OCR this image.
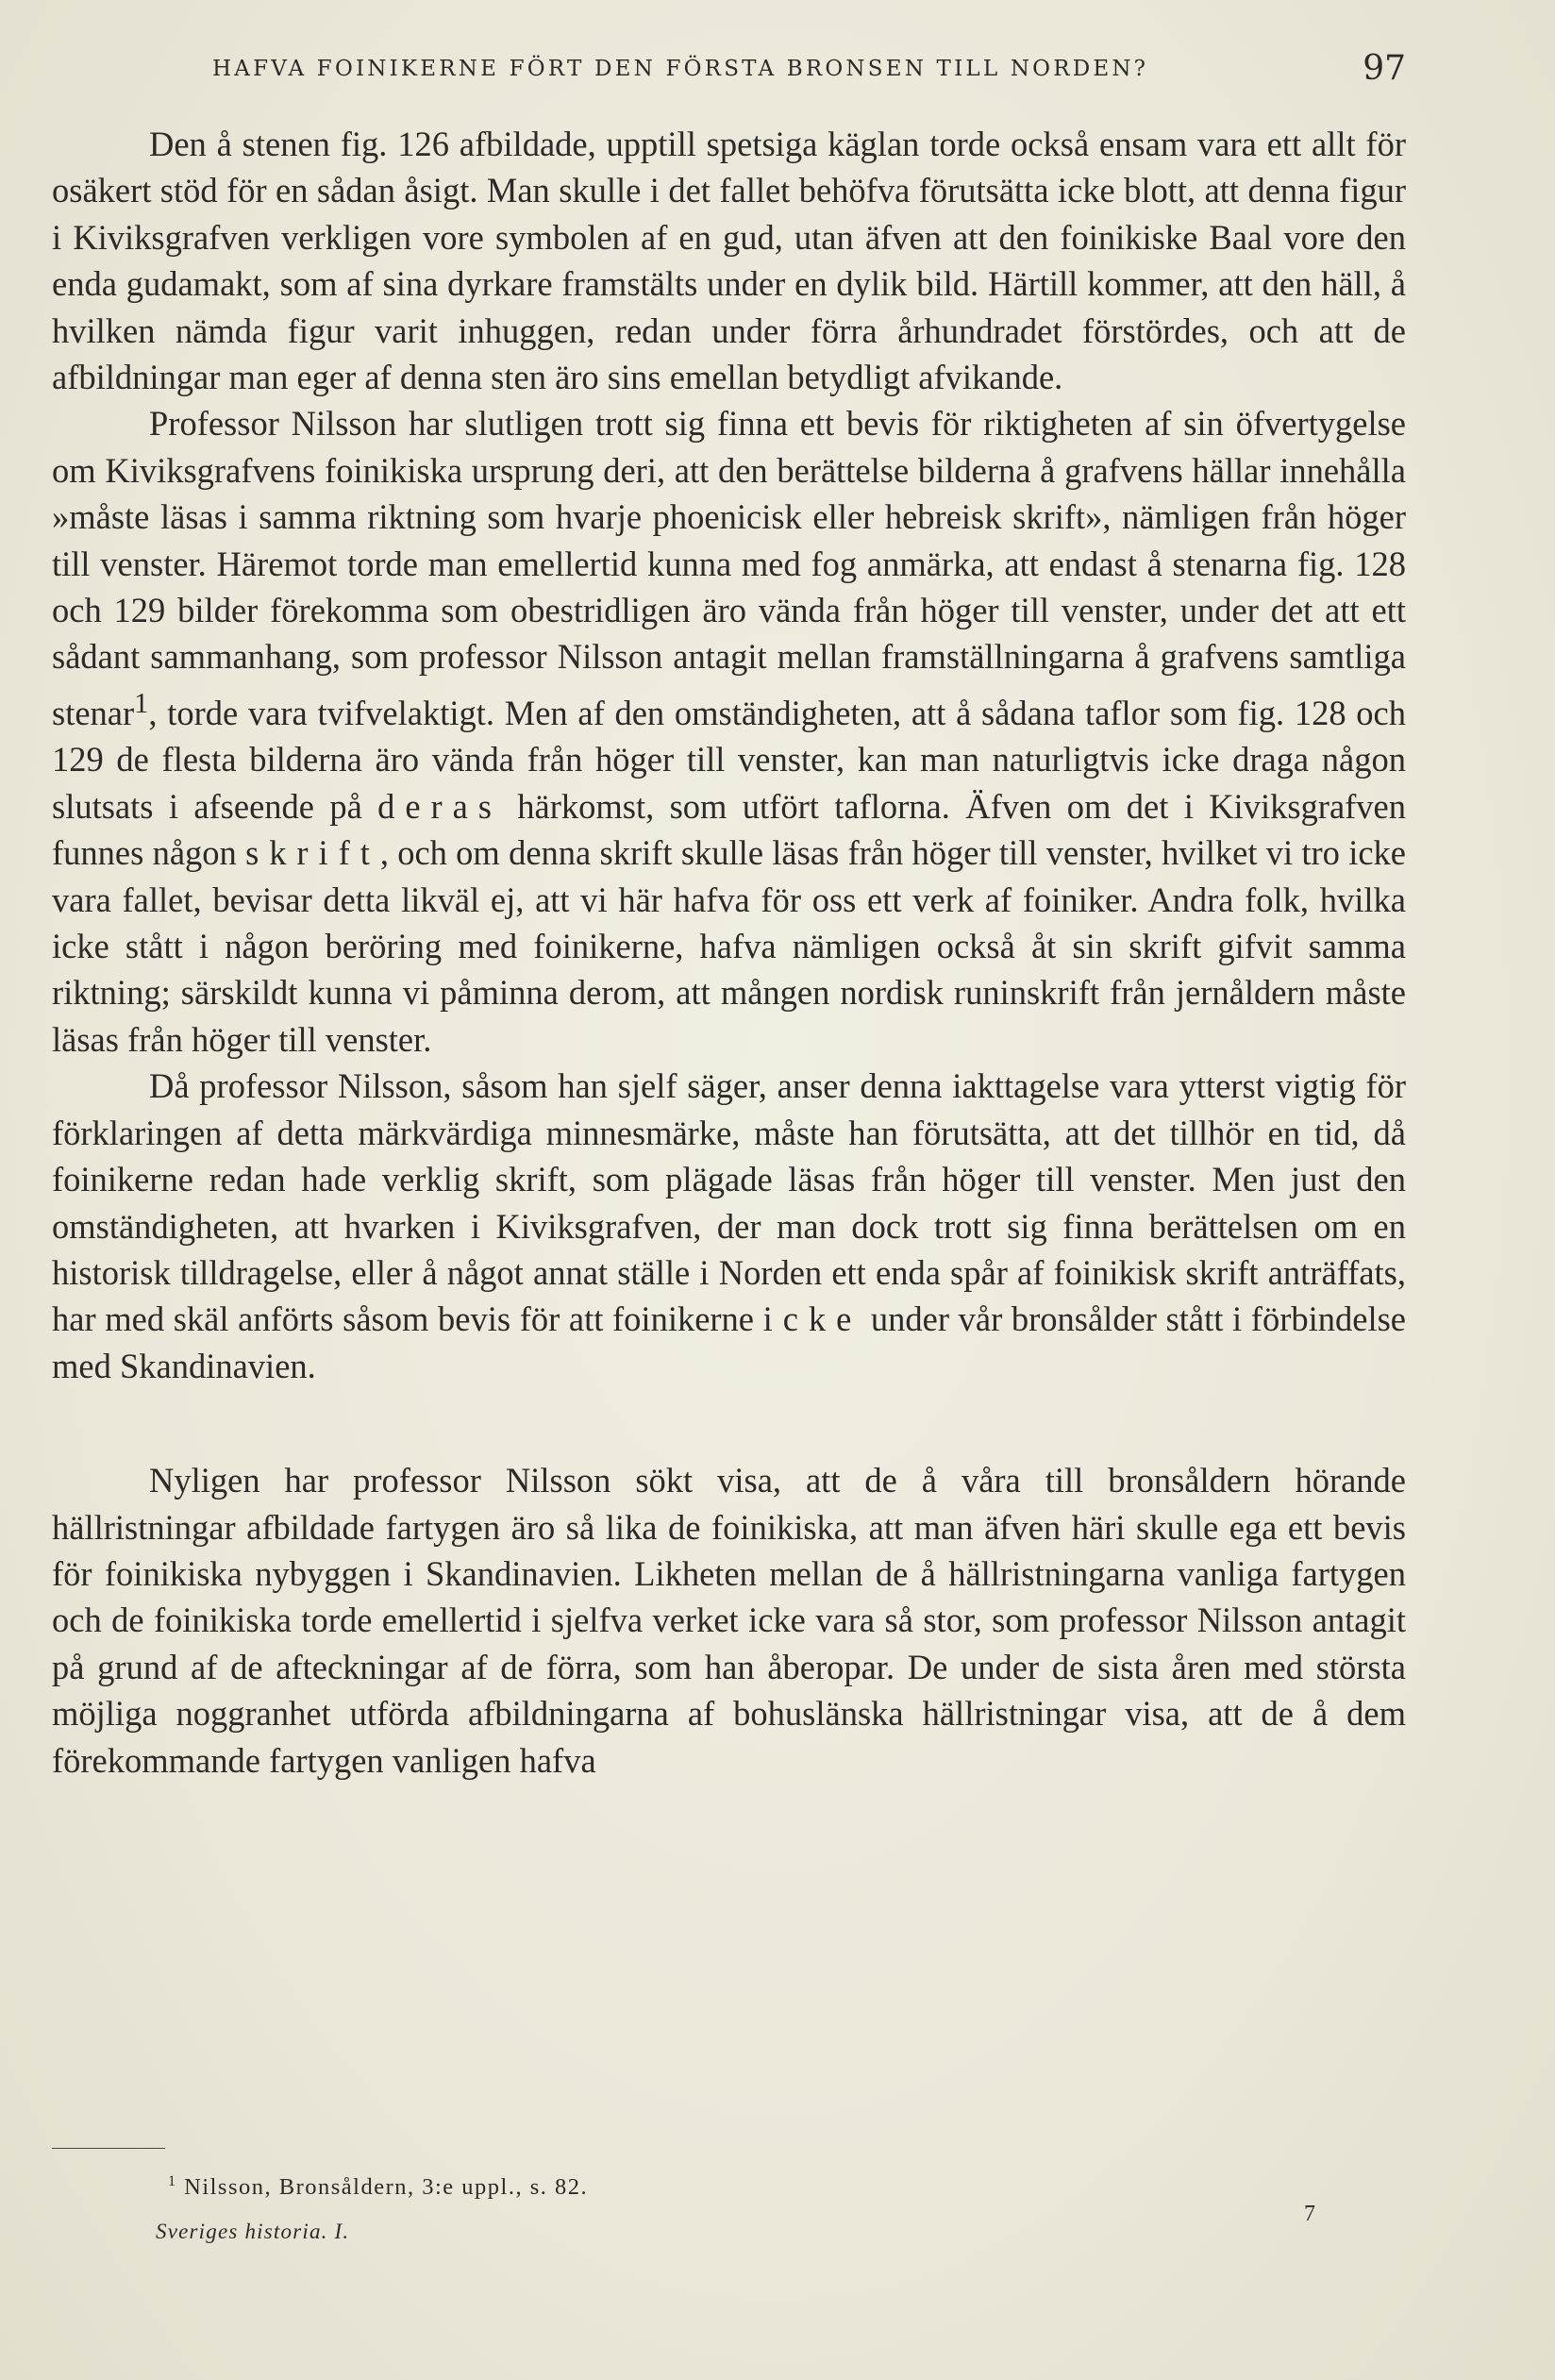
HAFVA FOINIKERNE FÖRT DEN FÖRSTA BRONSEN TILL NORDEN?	97

Den å stenen fig. 126 afbildade, upptill spetsiga käglan torde också ensam vara ett allt för osäkert stöd för en sådan åsigt. Man skulle i det fallet behöfva förutsätta icke blott, att denna figur i Kiviksgrafven verkligen vore symbolen af en gud, utan äfven att den foinikiske Baal vore den enda gudamakt, som af sina dyrkare framstälts under en dylik bild. Härtill kommer, att den häll, å hvilken nämda figur varit inhuggen, redan under förra århundradet förstördes, och att de afbildningar man eger af denna sten äro sins emellan betydligt afvikande.

Professor Nilsson har slutligen trott sig finna ett bevis för riktigheten af sin öfvertygelse om Kiviksgrafvens foinikiska ursprung deri, att den berättelse bilderna å grafvens hällar innehålla »måste läsas i samma riktning som hvarje phoenicisk eller hebreisk skrift», nämligen från höger till venster. Häremot torde man emellertid kunna med fog anmärka, att endast å stenarna fig. 128 och 129 bilder förekomma som obestridligen äro vända från höger till venster, under det att ett sådant sammanhang, som professor Nilsson antagit mellan framställningarna å grafvens samtliga stenar$^1$, torde vara tvifvelaktigt. Men af den omständigheten, att å sådana taflor som fig. 128 och 129 de flesta bilderna äro vända från höger till venster, kan man naturligtvis icke draga någon slutsats i afseende på deras härkomst, som utfört taflorna. Äfven om det i Kiviksgrafven funnes någon skrift, och om denna skrift skulle läsas från höger till venster, hvilket vi tro icke vara fallet, bevisar detta likväl ej, att vi här hafva för oss ett verk af foiniker. Andra folk, hvilka icke stått i någon beröring med foinikerne, hafva nämligen också åt sin skrift gifvit samma riktning; särskildt kunna vi påminna derom, att mången nordisk runinskrift från jernåldern måste läsas från höger till venster.

Då professor Nilsson, såsom han sjelf säger, anser denna iakttagelse vara ytterst vigtig för förklaringen af detta märkvärdiga minnesmärke, måste han förutsätta, att det tillhör en tid, då foinikerne redan hade verklig skrift, som plägade läsas från höger till venster. Men just den omständigheten, att hvarken i Kiviksgrafven, der man dock trott sig finna berättelsen om en historisk tilldragelse, eller å något annat ställe i Norden ett enda spår af foinikisk skrift anträffats, har med skäl anförts såsom bevis för att foinikerne icke under vår bronsålder stått i förbindelse med Skandinavien.

Nyligen har professor Nilsson sökt visa, att de å våra till bronsåldern hörande hällristningar afbildade fartygen äro så lika de foinikiska, att man äfven häri skulle ega ett bevis för foinikiska nybyggen i Skandinavien. Likheten mellan de å hällristningarna vanliga fartygen och de foinikiska torde emellertid i sjelfva verket icke vara så stor, som professor Nilsson antagit på grund af de afteckningar af de förra, som han åberopar. De under de sista åren med största möjliga noggranhet utförda afbildningarna af bohuslänska hällristningar visa, att de å dem förekommande fartygen vanligen hafva

$^1$ Nilsson, Bronsåldern, 3:e uppl., s. 82.
Sveriges historia. I.
7
